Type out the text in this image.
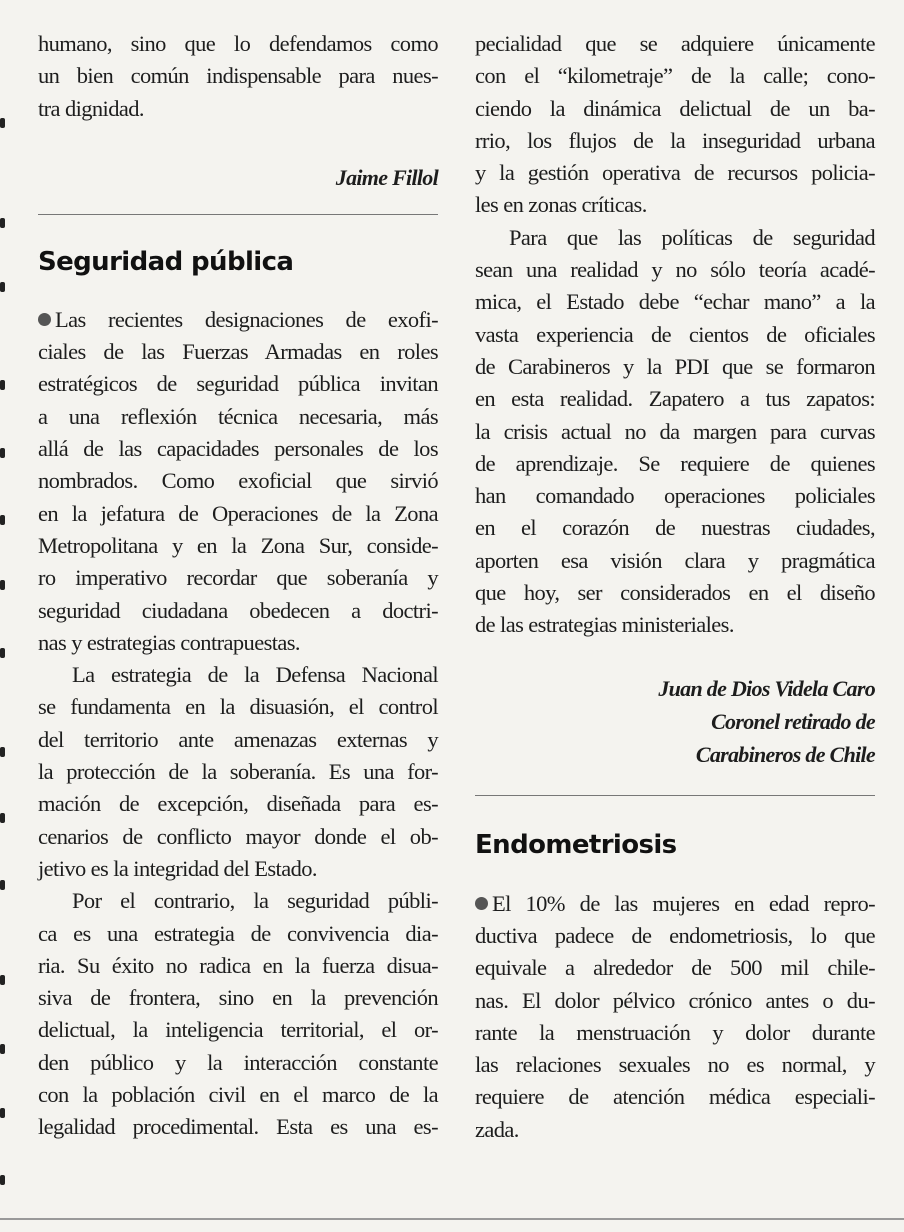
humano, sino que lo defendamos como
un bien común indispensable para nues-
tra dignidad.
Jaime Fillol
Seguridad pública
Las recientes designaciones de exofi-
ciales de las Fuerzas Armadas en roles
estratégicos de seguridad pública invitan
a una reflexión técnica necesaria, más
allá de las capacidades personales de los
nombrados. Como exoficial que sirvió
en la jefatura de Operaciones de la Zona
Metropolitana y en la Zona Sur, conside-
ro imperativo recordar que soberanía y
seguridad ciudadana obedecen a doctri-
nas y estrategias contrapuestas.
La estrategia de la Defensa Nacional
se fundamenta en la disuasión, el control
del territorio ante amenazas externas y
la protección de la soberanía. Es una for-
mación de excepción, diseñada para es-
cenarios de conflicto mayor donde el ob-
jetivo es la integridad del Estado.
Por el contrario, la seguridad públi-
ca es una estrategia de convivencia dia-
ria. Su éxito no radica en la fuerza disua-
siva de frontera, sino en la prevención
delictual, la inteligencia territorial, el or-
den público y la interacción constante
con la población civil en el marco de la
legalidad procedimental. Esta es una es-
pecialidad que se adquiere únicamente
con el “kilometraje” de la calle; cono-
ciendo la dinámica delictual de un ba-
rrio, los flujos de la inseguridad urbana
y la gestión operativa de recursos policia-
les en zonas críticas.
Para que las políticas de seguridad
sean una realidad y no sólo teoría acadé-
mica, el Estado debe “echar mano” a la
vasta experiencia de cientos de oficiales
de Carabineros y la PDI que se formaron
en esta realidad. Zapatero a tus zapatos:
la crisis actual no da margen para curvas
de aprendizaje. Se requiere de quienes
han comandado operaciones policiales
en el corazón de nuestras ciudades,
aporten esa visión clara y pragmática
que hoy, ser considerados en el diseño
de las estrategias ministeriales.
Juan de Dios Videla Caro
Coronel retirado de
Carabineros de Chile
Endometriosis
El 10% de las mujeres en edad repro-
ductiva padece de endometriosis, lo que
equivale a alrededor de 500 mil chile-
nas. El dolor pélvico crónico antes o du-
rante la menstruación y dolor durante
las relaciones sexuales no es normal, y
requiere de atención médica especiali-
zada.
